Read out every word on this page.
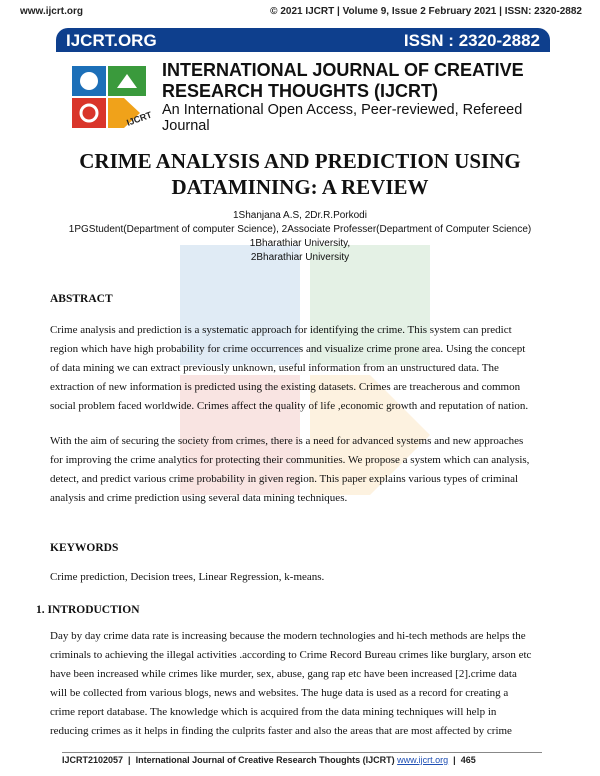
www.ijcrt.org	© 2021 IJCRT | Volume 9, Issue 2 February 2021 | ISSN: 2320-2882
IJCRT.ORG	ISSN : 2320-2882
IJCRT
INTERNATIONAL JOURNAL OF CREATIVE RESEARCH THOUGHTS (IJCRT)
An International Open Access, Peer-reviewed, Refereed Journal
CRIME ANALYSIS AND PREDICTION USING
DATAMINING: A REVIEW
1Shanjana A.S, 2Dr.R.Porkodi
1PGStudent(Department of computer Science), 2Associate Professer(Department of Computer Science)
1Bharathiar University,
2Bharathiar University
ABSTRACT
Crime analysis and prediction is a systematic approach for identifying the crime. This system can predict
region which have high probability for crime occurrences and visualize crime prone area. Using the concept
of data mining we can extract previously unknown, useful information from an unstructured data. The
extraction of new information is predicted using the existing datasets. Crimes are treacherous and common
social problem faced worldwide. Crimes affect the quality of life ,economic growth and reputation of nation.
With the aim of securing the society from crimes, there is a need for advanced systems and new approaches
for improving the crime analytics for protecting their communities. We propose a system which can analysis,
detect, and predict various crime probability in given region. This paper explains various types of criminal
analysis and crime prediction using several data mining techniques.
KEYWORDS
Crime prediction, Decision trees, Linear Regression, k-means.
1. INTRODUCTION
Day by day crime data rate is increasing because the modern technologies and hi-tech methods are helps the
criminals to achieving the illegal activities .according to Crime Record Bureau crimes like burglary, arson etc
have been increased while crimes like murder, sex, abuse, gang rap etc have been increased [2].crime data
will be collected from various blogs, news and websites. The huge data is used as a record for creating a
crime report database. The knowledge which is acquired from the data mining techniques will help in
reducing crimes as it helps in finding the culprits faster and also the areas that are most affected by crime
IJCRT2102057 | International Journal of Creative Research Thoughts (IJCRT) www.ijcrt.org | 465
